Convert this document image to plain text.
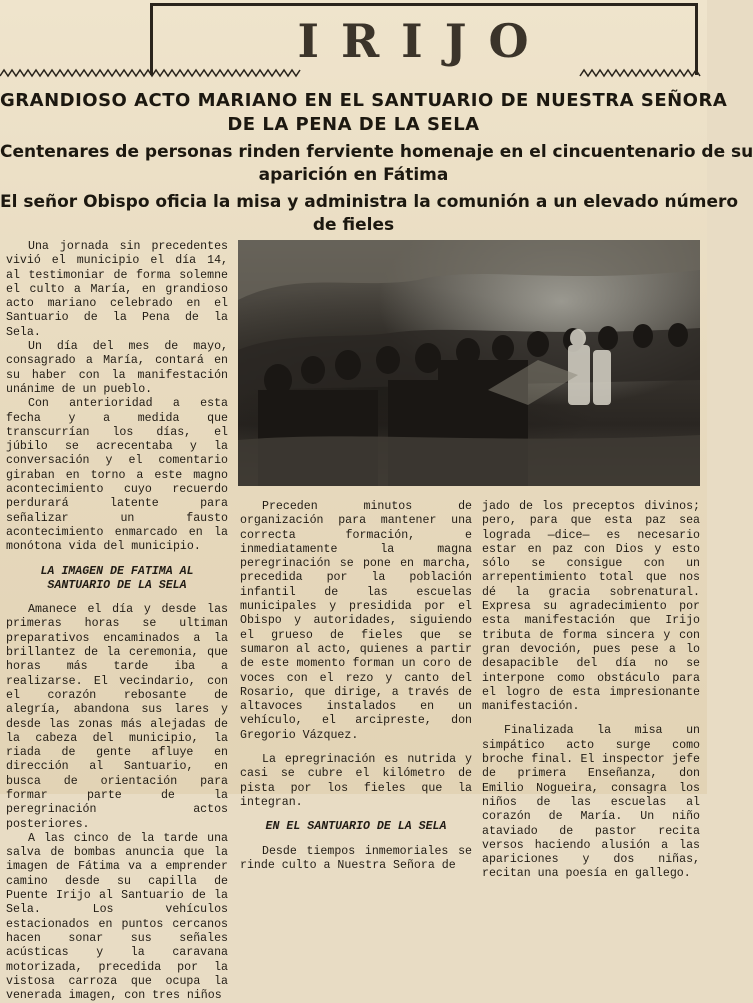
IRIJO
GRANDIOSO ACTO MARIANO EN EL SANTUARIO DE NUESTRA SEÑORA
DE LA PENA DE LA SELA
Centenares de personas rinden ferviente homenaje en el cincuentenario de su
aparición en Fátima
El señor Obispo oficia la misa y administra la comunión a un elevado número
de fieles

Una jornada sin precedentes vivió el municipio el día 14, al testimoniar de forma solemne el culto a María, en grandioso acto mariano celebrado en el Santuario de la Pena de la Sela.

Un día del mes de mayo, consagrado a María, contará en su haber con la manifestación unánime de un pueblo.

Con anterioridad a esta fecha y a medida que transcurrían los días, el júbilo se acrecentaba y la conversación y el comentario giraban en torno a este magno acontecimiento cuyo recuerdo perdurará latente para señalizar un fausto acontecimiento enmarcado en la monótona vida del municipio.

LA IMAGEN DE FATIMA AL SANTUARIO DE LA SELA

Amanece el día y desde las primeras horas se ultiman preparativos encaminados a la brillantez de la ceremonia, que horas más tarde iba a realizarse. El vecindario, con el corazón rebosante de alegría, abandona sus lares y desde las zonas más alejadas de la cabeza del municipio, la riada de gente afluye en dirección al Santuario, en busca de orientación para formar parte de la peregrinación actos posteriores.

A las cinco de la tarde una salva de bombas anuncia que la imagen de Fátima va a emprender camino desde su capilla de Puente Irijo al Santuario de la Sela. Los vehículos estacionados en puntos cercanos hacen sonar sus señales acústicas y la caravana motorizada, precedida por la vistosa carroza que ocupa la venerada imagen, con tres niños

Preceden minutos de organización para mantener una correcta formación, e inmediatamente la magna peregrinación se pone en marcha, precedida por la población infantil de las escuelas municipales y presidida por el Obispo y autoridades, siguiendo el grueso de fieles que se sumaron al acto, quienes a partir de este momento forman un coro de voces con el rezo y canto del Rosario, que dirige, a través de altavoces instalados en un vehículo, el arcipreste, don Gregorio Vázquez.

La epregrinación es nutrida y casi se cubre el kilómetro de pista por los fieles que la integran.

EN EL SANTUARIO DE LA SELA

Desde tiempos inmemoriales se rinde culto a Nuestra Señora de

jado de los preceptos divinos; pero, para que esta paz sea lograda —dice— es necesario estar en paz con Dios y esto sólo se consigue con un arrepentimiento total que nos dé la gracia sobrenatural. Expresa su agradecimiento por esta manifestación que Irijo tributa de forma sincera y con gran devoción, pues pese a lo desapacible del día no se interpone como obstáculo para el logro de esta impresionante manifestación.

Finalizada la misa un simpático acto surge como broche final. El inspector jefe de primera Enseñanza, don Emilio Nogueira, consagra los niños de las escuelas al corazón de María. Un niño ataviado de pastor recita versos haciendo alusión a las apariciones y dos niñas, recitan una poesía en gallego.
